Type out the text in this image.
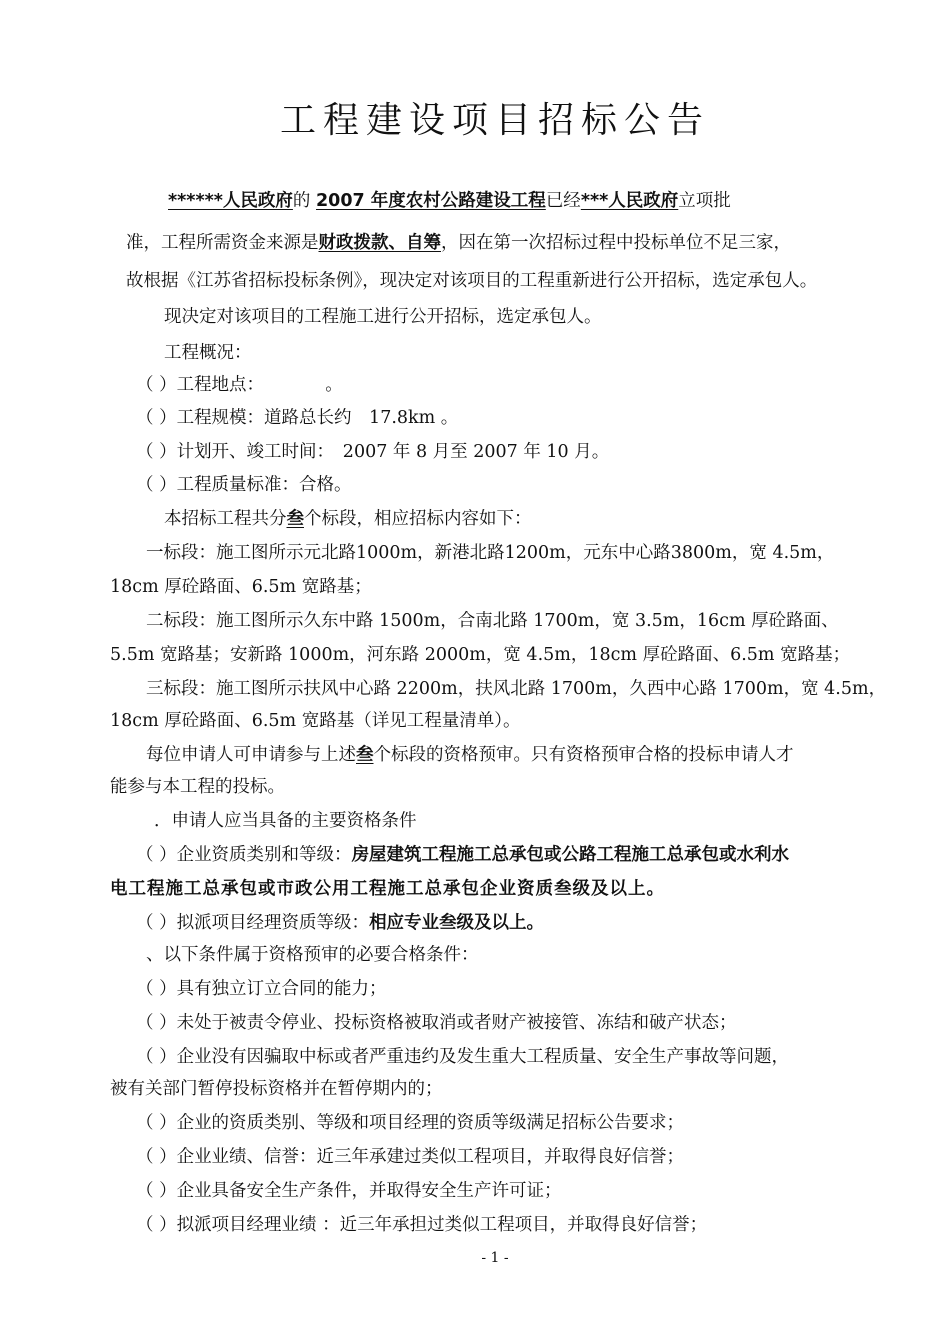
工程建设项目招标公告
******人民政府的 2007 年度农村公路建设工程已经***人民政府立项批
准，工程所需资金来源是财政拨款、自筹，因在第一次招标过程中投标单位不足三家，
故根据《江苏省招标投标条例》，现决定对该项目的工程重新进行公开招标，选定承包人。
现决定对该项目的工程施工进行公开招标，选定承包人。
工程概况：
（ ）工程地点：　　　　。
（ ）工程规模：道路总长约　17.8km 。
（ ）计划开、竣工时间：　2007 年 8 月至 2007 年 10 月。
（ ）工程质量标准：合格。
本招标工程共分叁个标段，相应招标内容如下：
一标段：施工图所示元北路1000m，新港北路1200m，元东中心路3800m，宽 4.5m，
18cm 厚砼路面、6.5m 宽路基；
二标段：施工图所示久东中路 1500m，合南北路 1700m，宽 3.5m，16cm 厚砼路面、
5.5m 宽路基；安新路 1000m，河东路 2000m，宽 4.5m，18cm 厚砼路面、6.5m 宽路基；
三标段：施工图所示扶风中心路 2200m，扶风北路 1700m，久西中心路 1700m，宽 4.5m，
18cm 厚砼路面、6.5m 宽路基（详见工程量清单）。
每位申请人可申请参与上述叁个标段的资格预审。只有资格预审合格的投标申请人才
能参与本工程的投标。
．申请人应当具备的主要资格条件
（ ）企业资质类别和等级：房屋建筑工程施工总承包或公路工程施工总承包或水利水
电工程施工总承包或市政公用工程施工总承包企业资质叁级及以上。
（ ）拟派项目经理资质等级：相应专业叁级及以上。
、以下条件属于资格预审的必要合格条件：
（ ）具有独立订立合同的能力；
（ ）未处于被责令停业、投标资格被取消或者财产被接管、冻结和破产状态；
（ ）企业没有因骗取中标或者严重违约及发生重大工程质量、安全生产事故等问题，
被有关部门暂停投标资格并在暂停期内的；
（ ）企业的资质类别、等级和项目经理的资质等级满足招标公告要求；
（ ）企业业绩、信誉：近三年承建过类似工程项目，并取得良好信誉；
（ ）企业具备安全生产条件，并取得安全生产许可证；
（ ）拟派项目经理业绩 ：近三年承担过类似工程项目，并取得良好信誉；
- 1 -
